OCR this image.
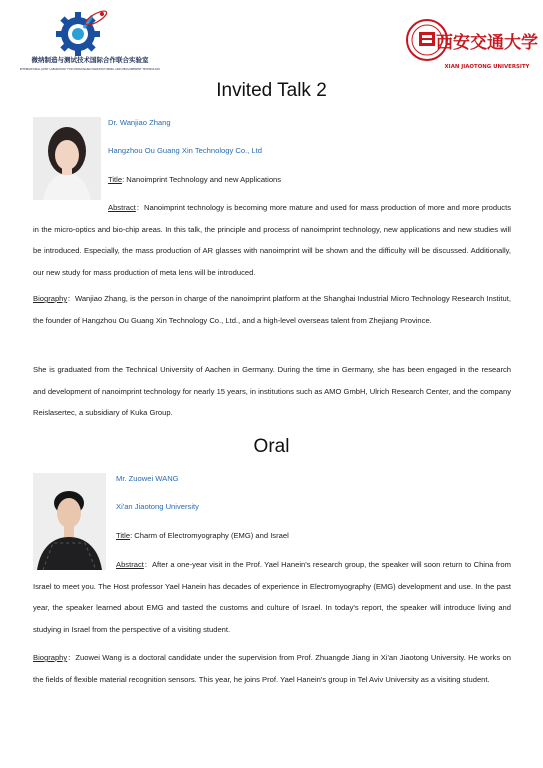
微纳制造与测试技术国际合作联合实验室
INTERNATIONAL JOINT LABORATORY FOR MICRO/NANO MANUFACTURING AND MEASUREMENT TECHNOLOGY
西安交通大学
XIAN JIAOTONG UNIVERSITY
Invited Talk 2
Dr. Wanjiao Zhang
Hangzhou Ou Guang Xin Technology Co., Ltd
Title: Nanoimprint Technology and new Applications
Abstract：Nanoimprint technology is becoming more mature and used for mass production of more and more products in the micro-optics and bio-chip areas. In this talk, the principle and process of nanoimprint technology, new applications and new studies will be introduced. Especially, the mass production of AR glasses with nanoimprint will be shown and the difficulty will be discussed. Additionally, our new study for mass production of meta lens will be introduced.
Biography：Wanjiao Zhang, is the person in charge of the nanoimprint platform at the Shanghai Industrial Micro Technology Research Institut, the founder of Hangzhou Ou Guang Xin Technology Co., Ltd., and a high-level overseas talent from Zhejiang Province.
She is graduated from the Technical University of Aachen in Germany. During the time in Germany, she has been engaged in the research and development of nanoimprint technology for nearly 15 years, in institutions such as AMO GmbH, Ulrich Research Center, and the company Reislasertec, a subsidiary of Kuka Group.
Oral
Mr. Zuowei WANG
Xi'an Jiaotong University
Title: Charm of Electromyography (EMG) and Israel
Abstract：After a one-year visit in the Prof. Yael Hanein's research group, the speaker will soon return to China from Israel to meet you. The Host professor Yael Hanein has decades of experience in Electromyography (EMG) development and use. In the past year, the speaker learned about EMG and tasted the customs and culture of Israel. In today's report, the speaker will introduce living and studying in Israel from the perspective of a visiting student.
Biography：Zuowei Wang is a doctoral candidate under the supervision from Prof. Zhuangde Jiang in Xi'an Jiaotong University. He works on the fields of flexible material recognition sensors. This year, he joins Prof. Yael Hanein's group in Tel Aviv University as a visiting student.
